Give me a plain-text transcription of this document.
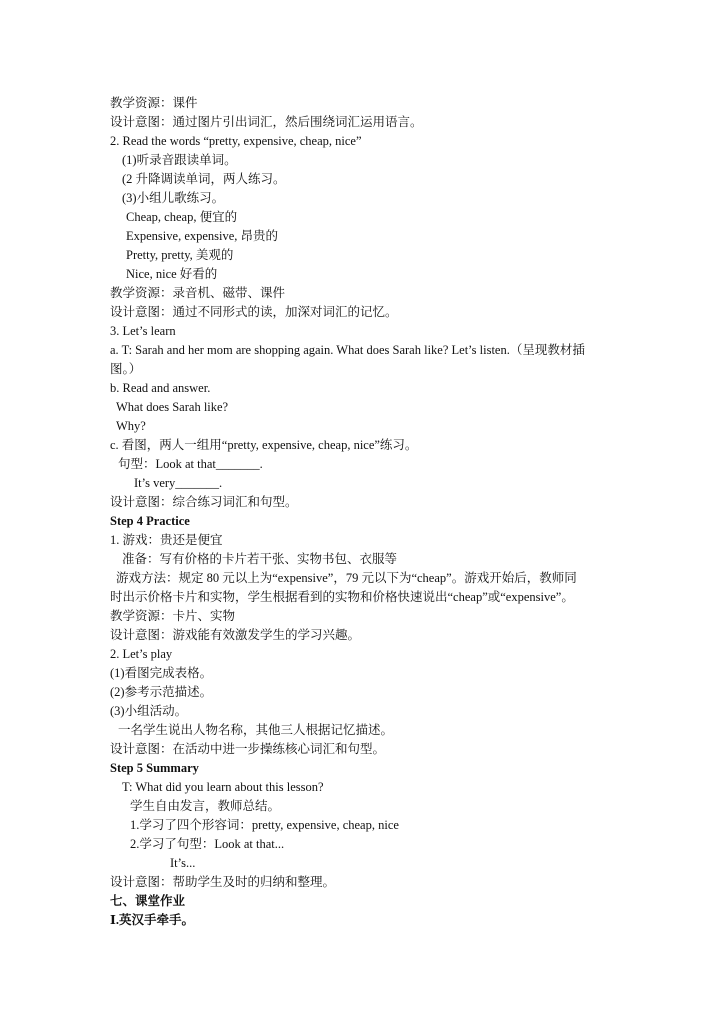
教学资源：课件
设计意图：通过图片引出词汇，然后围绕词汇运用语言。
2. Read the words “pretty, expensive, cheap, nice”
(1)听录音跟读单词。
(2 升降调读单词，两人练习。
(3)小组儿歌练习。
Cheap, cheap, 便宜的
Expensive, expensive, 昂贵的
Pretty, pretty, 美观的
Nice, nice 好看的
教学资源：录音机、磁带、课件
设计意图：通过不同形式的读，加深对词汇的记忆。
3. Let’s learn
a. T: Sarah and her mom are shopping again. What does Sarah like? Let’s listen.（呈现教材插
图。）
b. Read and answer.
What does Sarah like?
Why?
c. 看图，两人一组用“pretty, expensive, cheap, nice”练习。
句型：Look at that_______.
It’s very_______.
设计意图：综合练习词汇和句型。
Step 4 Practice
1. 游戏：贵还是便宜
准备：写有价格的卡片若干张、实物书包、衣服等
游戏方法：规定 80 元以上为“expensive”，79 元以下为“cheap”。游戏开始后，教师同
时出示价格卡片和实物，学生根据看到的实物和价格快速说出“cheap”或“expensive”。
教学资源：卡片、实物
设计意图：游戏能有效激发学生的学习兴趣。
2. Let’s play
(1)看图完成表格。
(2)参考示范描述。
(3)小组活动。
一名学生说出人物名称，其他三人根据记忆描述。
设计意图：在活动中进一步操练核心词汇和句型。
Step 5 Summary
T: What did you learn about this lesson?
学生自由发言，教师总结。
1.学习了四个形容词：pretty, expensive, cheap, nice
2.学习了句型：Look at that...
It’s...
设计意图：帮助学生及时的归纳和整理。
七、课堂作业
Ⅰ.英汉手牵手。
